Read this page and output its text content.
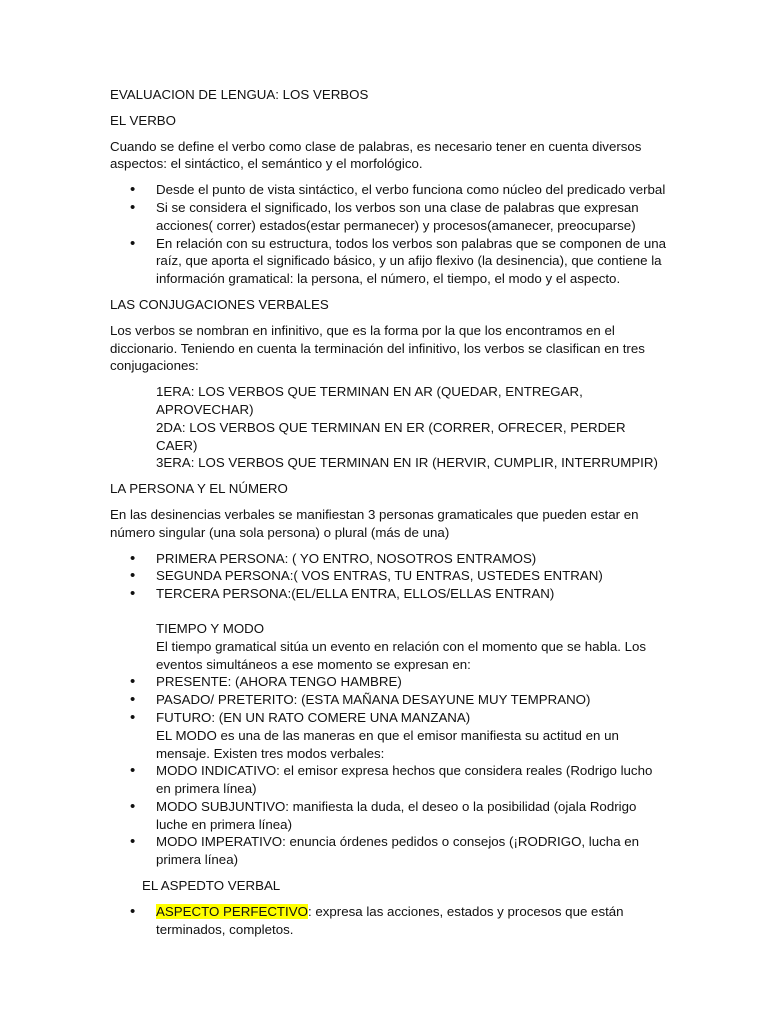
EVALUACION DE LENGUA: LOS VERBOS

EL VERBO

Cuando se define el verbo como clase de palabras, es necesario tener en cuenta diversos aspectos: el sintáctico, el semántico y el morfológico.

• Desde el punto de vista sintáctico, el verbo funciona como núcleo del predicado verbal
• Si se considera el significado, los verbos son una clase de palabras que expresan acciones( correr) estados(estar permanecer) y procesos(amanecer, preocuparse)
• En relación con su estructura, todos los verbos son palabras que se componen de una raíz, que aporta el significado básico, y un afijo flexivo (la desinencia), que contiene la información gramatical: la persona, el número, el tiempo, el modo y el aspecto.

LAS CONJUGACIONES VERBALES

Los verbos se nombran en infinitivo, que es la forma por la que los encontramos en el diccionario. Teniendo en cuenta la terminación del infinitivo, los verbos se clasifican en tres conjugaciones:

1ERA: LOS VERBOS QUE TERMINAN EN AR (QUEDAR, ENTREGAR, APROVECHAR)
2DA: LOS VERBOS QUE TERMINAN EN ER (CORRER, OFRECER, PERDER CAER)
3ERA: LOS VERBOS QUE TERMINAN EN IR (HERVIR, CUMPLIR, INTERRUMPIR)

LA PERSONA Y EL NÚMERO

En las desinencias verbales se manifiestan 3 personas gramaticales que pueden estar en número singular (una sola persona) o plural (más de una)

• PRIMERA PERSONA: ( YO ENTRO, NOSOTROS ENTRAMOS)
• SEGUNDA PERSONA:( VOS ENTRAS, TU ENTRAS, USTEDES ENTRAN)
• TERCERA PERSONA:(EL/ELLA ENTRA, ELLOS/ELLAS ENTRAN)

TIEMPO Y MODO

El tiempo gramatical sitúa un evento en relación con el momento que se habla. Los eventos simultáneos a ese momento se expresan en:

• PRESENTE: (AHORA TENGO HAMBRE)
• PASADO/ PRETERITO: (ESTA MAÑANA DESAYUNE MUY TEMPRANO)
• FUTURO: (EN UN RATO COMERE UNA MANZANA)

EL MODO es una de las maneras en que el emisor manifiesta su actitud en un mensaje. Existen tres modos verbales:

• MODO INDICATIVO: el emisor expresa hechos que considera reales (Rodrigo lucho en primera línea)
• MODO SUBJUNTIVO: manifiesta la duda, el deseo o la posibilidad (ojala Rodrigo luche en primera línea)
• MODO IMPERATIVO: enuncia órdenes pedidos o consejos (¡RODRIGO, lucha en primera línea)

EL ASPEDTO VERBAL

• ASPECTO PERFECTIVO: expresa las acciones, estados y procesos que están terminados, completos.
